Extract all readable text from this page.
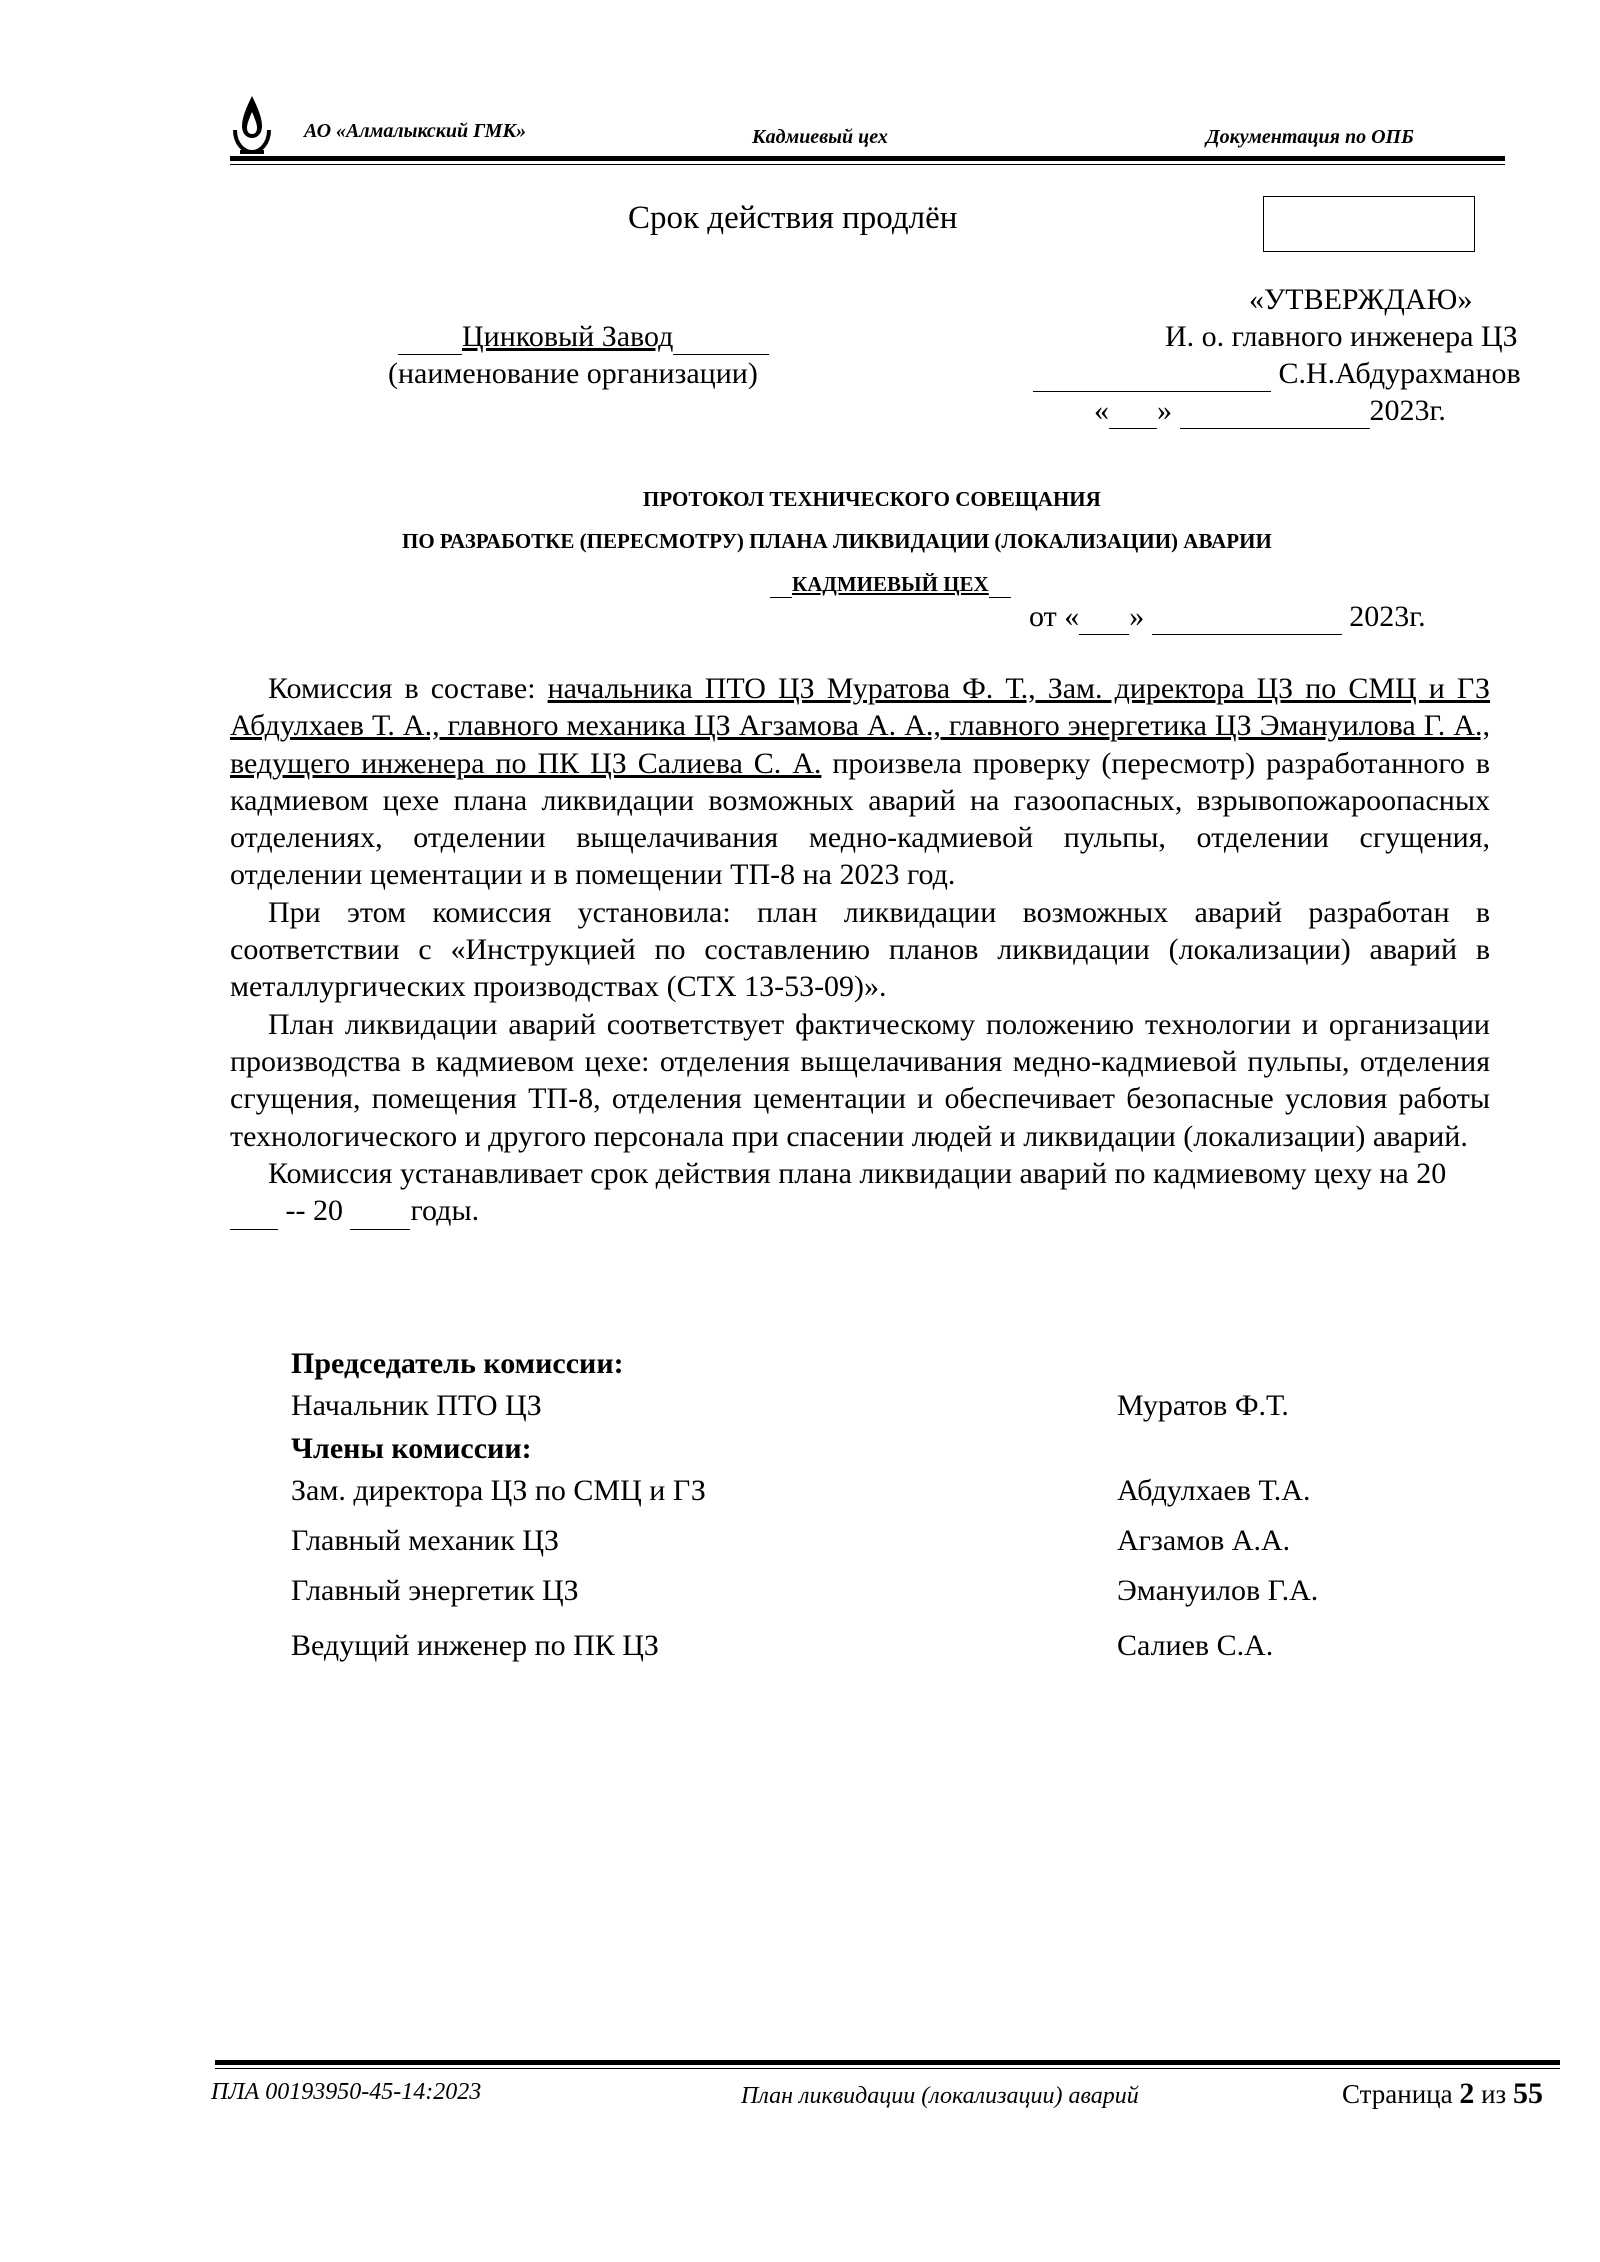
АО «Алмалыкский ГМК»	Кадмиевый цех	Документация по ОПБ
Срок действия продлён
Цинковый Завод
(наименование организации)
«УТВЕРЖДАЮ»
И. о. главного инженера ЦЗ
С.Н.Абдурахманов
« »	2023г.
ПРОТОКОЛ ТЕХНИЧЕСКОГО СОВЕЩАНИЯ
ПО РАЗРАБОТКЕ (ПЕРЕСМОТРУ) ПЛАНА ЛИКВИДАЦИИ (ЛОКАЛИЗАЦИИ) АВАРИИ
КАДМИЕВЫЙ ЦЕХ
от « »	2023г.

Комиссия в составе: начальника ПТО ЦЗ Муратова Ф. Т., Зам. директора ЦЗ по СМЦ и ГЗ Абдулхаев Т. А., главного механика ЦЗ Агзамова А. А., главного энергетика ЦЗ Эмануилова Г. А., ведущего инженера по ПК ЦЗ Салиева С. А. произвела проверку (пересмотр) разработанного в кадмиевом цехе плана ликвидации возможных аварий на газоопасных, взрывопожароопасных отделениях, отделении выщелачивания медно-кадмиевой пульпы, отделении сгущения, отделении цементации и в помещении ТП-8 на 2023 год.

При этом комиссия установила: план ликвидации возможных аварий разработан в соответствии с «Инструкцией по составлению планов ликвидации (локализации) аварий в металлургических производствах (СТХ 13-53-09)».

План ликвидации аварий соответствует фактическому положению технологии и организации производства в кадмиевом цехе: отделения выщелачивания медно-кадмиевой пульпы, отделения сгущения, помещения ТП-8, отделения цементации и обеспечивает безопасные условия работы технологического и другого персонала при спасении людей и ликвидации (локализации) аварий.

Комиссия устанавливает срок действия плана ликвидации аварий по кадмиевому цеху на 20  -- 20  годы.

Председатель комиссии:
Начальник ПТО ЦЗ	Муратов Ф.Т.
Члены комиссии:
Зам. директора ЦЗ по СМЦ и ГЗ	Абдулхаев Т.А.
Главный механик ЦЗ	Агзамов А.А.
Главный энергетик ЦЗ	Эмануилов Г.А.
Ведущий инженер по ПК ЦЗ	Салиев С.А.
ПЛА 00193950-45-14:2023	План ликвидации (локализации) аварий	Страница 2 из 55
